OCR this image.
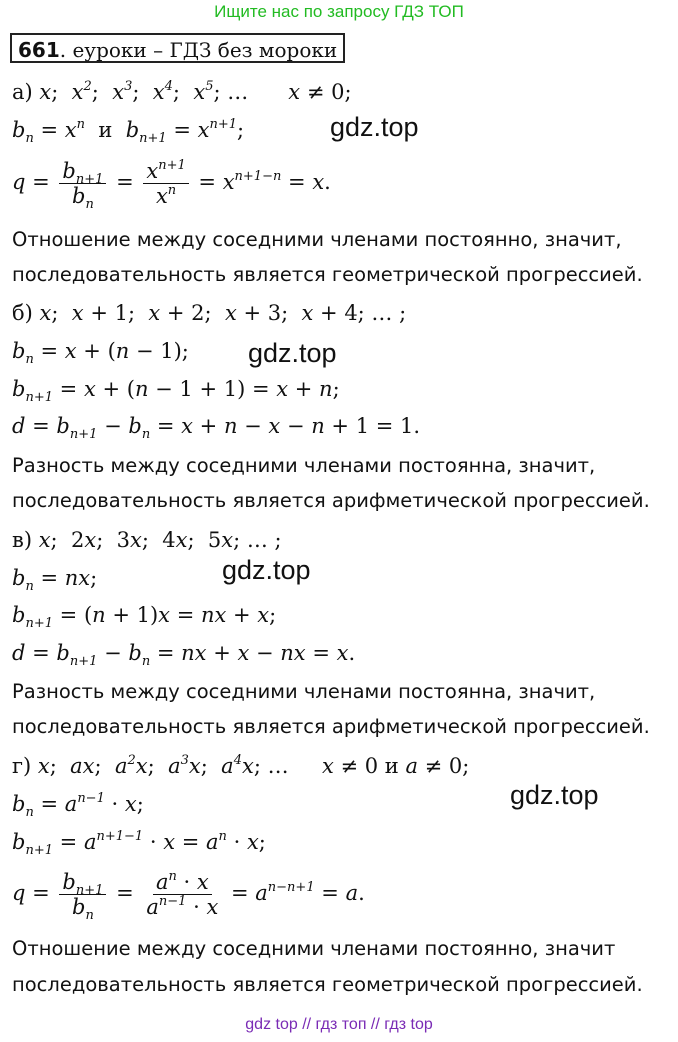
Ищите нас по запросу ГДЗ ТОП
661. еуроки – ГДЗ без мороки
а) x;  $x^2$;  $x^3$;  $x^4$;  $x^5$; …      x ≠ 0;
$b_n = x^n$  и  $b_{n+1} = x^{n+1}$;
$q = \frac{b_{n+1}}{b_n} = \frac{x^{n+1}}{x^n} = x^{n+1-n} = x$.
Отношение между соседними членами постоянно, значит,
последовательность является геометрической прогрессией.
б) x;  x + 1;  x + 2;  x + 3;  x + 4; … ;
$b_n = x + (n - 1)$;
$b_{n+1} = x + (n - 1 + 1) = x + n$;
$d = b_{n+1} - b_n = x + n - x - n + 1 = 1$.
Разность между соседними членами постоянна, значит,
последовательность является арифметической прогрессией.
в) x;  2x;  3x;  4x;  5x; … ;
$b_n$ = nx;
$b_{n+1} = (n + 1)x$ = nx + x;
$d = b_{n+1} - b_n$ = nx + x − nx = x.
Разность между соседними членами постоянна, значит,
последовательность является арифметической прогрессией.
г) x;  ax;  $a^2x$;  $a^3x$;  $a^4x$; …     x ≠ 0 и a ≠ 0;
$b_n = a^{n-1} \cdot x$;
$b_{n+1} = a^{n+1-1} \cdot x = a^n \cdot x$;
$q = \frac{b_{n+1}}{b_n} = \frac{a^n \cdot x}{a^{n-1} \cdot x} = a^{n-n+1} = a$.
Отношение между соседними членами постоянно, значит
последовательность является геометрической прогрессией.
gdz.top
gdz.top
gdz.top
gdz.top
gdz top // гдз топ // гдз top
